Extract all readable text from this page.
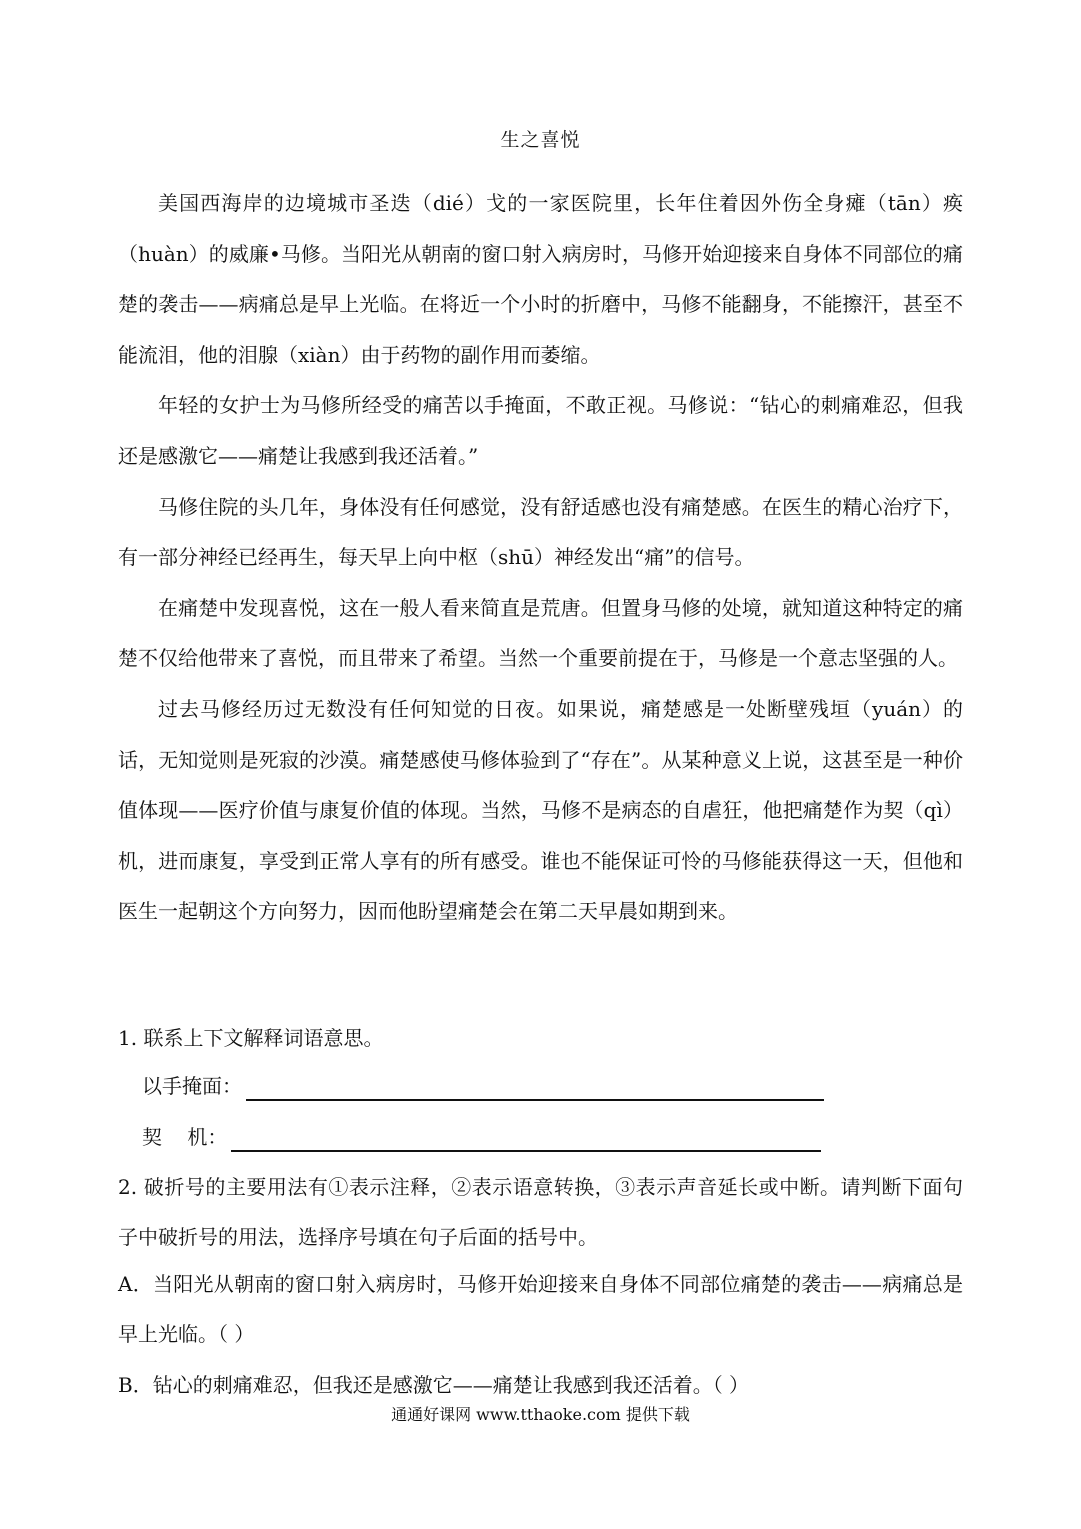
生之喜悦

美国西海岸的边境城市圣迭（dié）戈的一家医院里，长年住着因外伤全身瘫（tān）痪（huàn）的威廉•马修。当阳光从朝南的窗口射入病房时，马修开始迎接来自身体不同部位的痛楚的袭击——病痛总是早上光临。在将近一个小时的折磨中，马修不能翻身，不能擦汗，甚至不能流泪，他的泪腺（xiàn）由于药物的副作用而萎缩。

年轻的女护士为马修所经受的痛苦以手掩面，不敢正视。马修说：“钻心的刺痛难忍，但我还是感激它——痛楚让我感到我还活着。”

马修住院的头几年，身体没有任何感觉，没有舒适感也没有痛楚感。在医生的精心治疗下，有一部分神经已经再生，每天早上向中枢（shū）神经发出“痛”的信号。

在痛楚中发现喜悦，这在一般人看来简直是荒唐。但置身马修的处境，就知道这种特定的痛楚不仅给他带来了喜悦，而且带来了希望。当然一个重要前提在于，马修是一个意志坚强的人。

过去马修经历过无数没有任何知觉的日夜。如果说，痛楚感是一处断壁残垣（yuán）的话，无知觉则是死寂的沙漠。痛楚感使马修体验到了“存在”。从某种意义上说，这甚至是一种价值体现——医疗价值与康复价值的体现。当然，马修不是病态的自虐狂，他把痛楚作为契（qì）机，进而康复，享受到正常人享有的所有感受。谁也不能保证可怜的马修能获得这一天，但他和医生一起朝这个方向努力，因而他盼望痛楚会在第二天早晨如期到来。

1. 联系上下文解释词语意思。
以手掩面：
契    机：
2. 破折号的主要用法有①表示注释，②表示语意转换，③表示声音延长或中断。请判断下面句子中破折号的用法，选择序号填在句子后面的括号中。
A．当阳光从朝南的窗口射入病房时，马修开始迎接来自身体不同部位痛楚的袭击——病痛总是早上光临。（ ）
B．钻心的刺痛难忍，但我还是感激它——痛楚让我感到我还活着。（ ）
通通好课网 www.tthaoke.com 提供下载
